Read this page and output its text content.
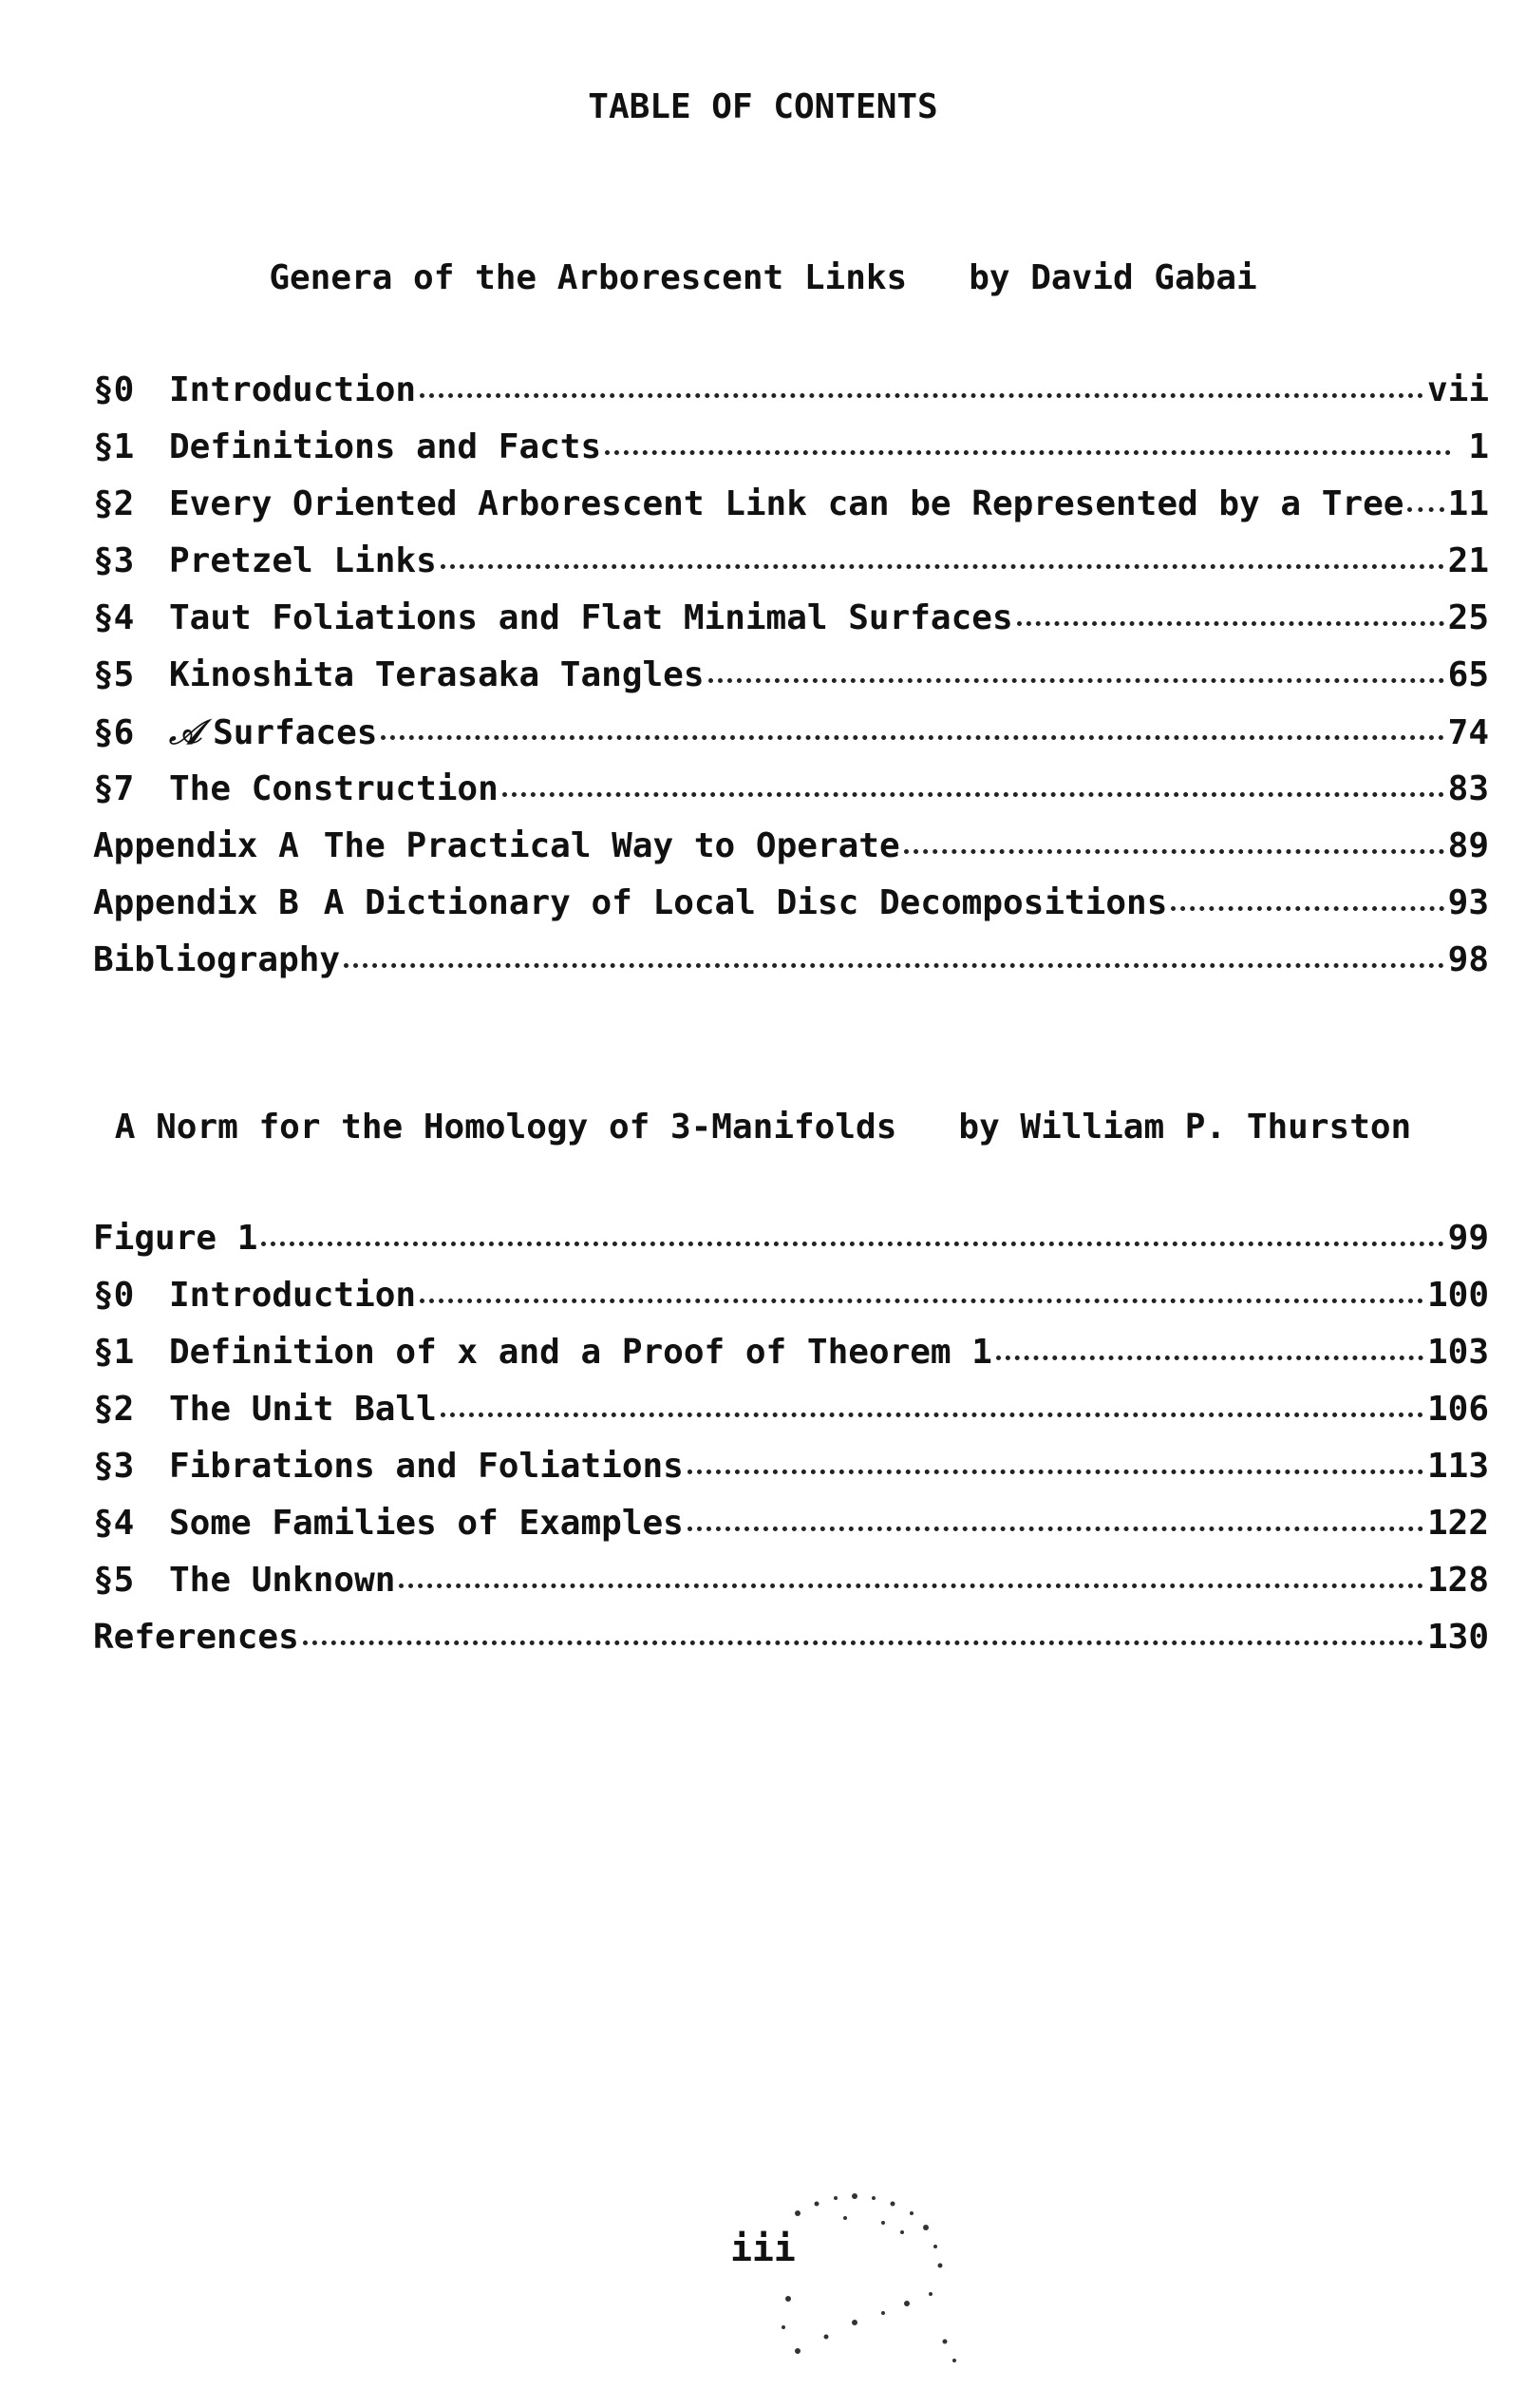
TABLE OF CONTENTS
Genera of the Arborescent Links   by David Gabai
§0	Introduction	vii
§1	Definitions and Facts	1
§2	Every Oriented Arborescent Link can be Represented by a Tree 11
§3	Pretzel Links	21
§4	Taut Foliations and Flat Minimal Surfaces	25
§5	Kinoshita Terasaka Tangles	65
§6	𝒜 Surfaces	74
§7	The Construction	83
Appendix A The Practical Way to Operate	89
Appendix B A Dictionary of Local Disc Decompositions	93
Bibliography	98
A Norm for the Homology of 3-Manifolds   by William P. Thurston
Figure 1	99
§0	Introduction	100
§1	Definition of x and a Proof of Theorem 1	103
§2	The Unit Ball	106
§3	Fibrations and Foliations	113
§4	Some Families of Examples	122
§5	The Unknown	128
References	130
iii
